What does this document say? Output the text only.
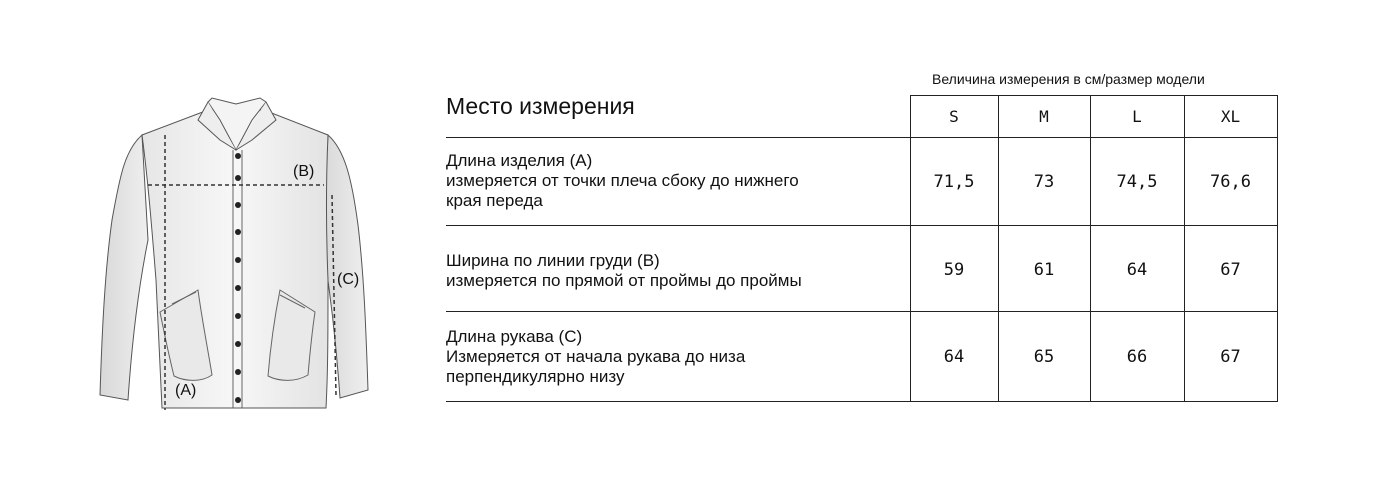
(B)
(C)
(A)
Величина измерения в см/размер модели
Место измерения	S	M	L	XL
Длина изделия (A)
измеряется от точки плеча сбоку до нижнего
края переда
71,5	73	74,5	76,6
Ширина по линии груди (B)
измеряется по прямой от проймы до проймы
59	61	64	67
Длина рукава (C)
Измеряется от начала рукава до низа
перпендикулярно низу
64	65	66	67
